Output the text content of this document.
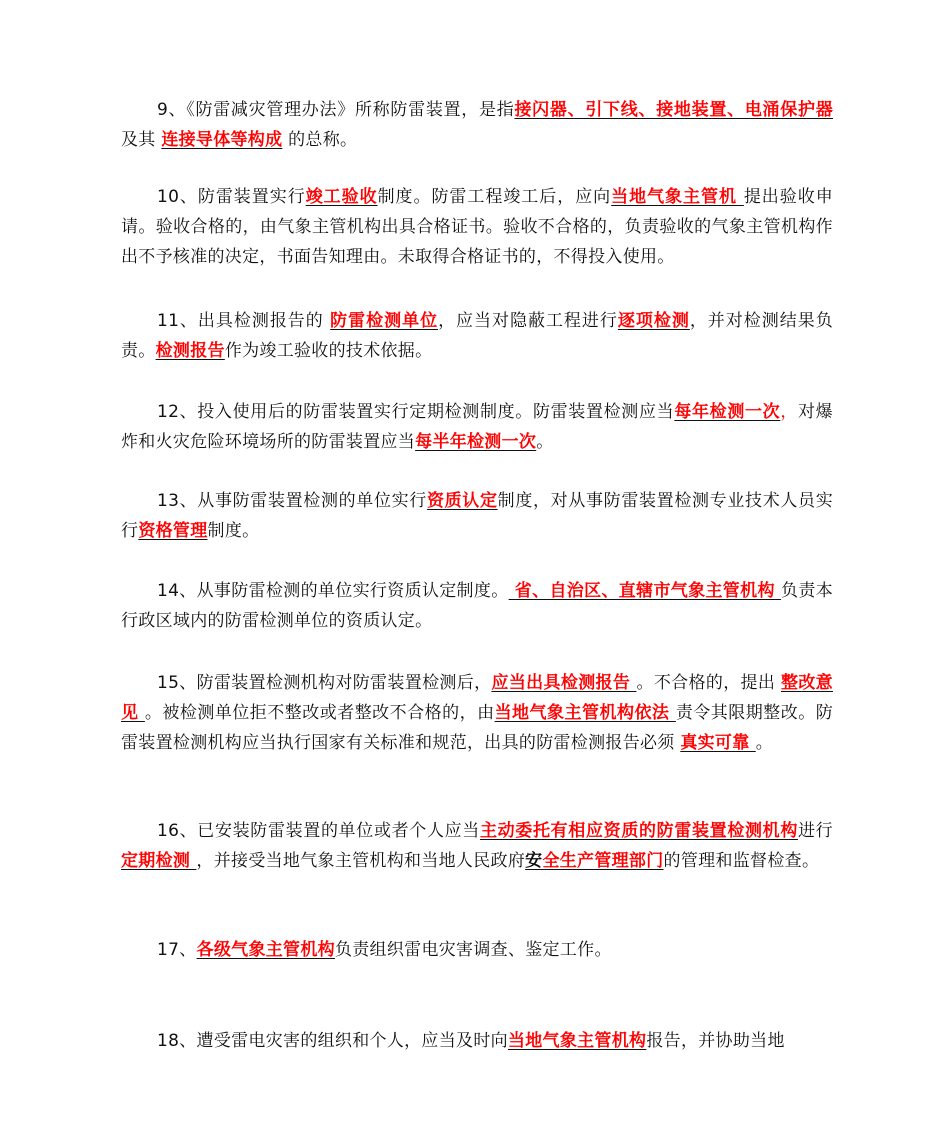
9、《防雷减灾管理办法》所称防雷装置，是指接闪器、引下线、接地装置、电涌保护器及其 连接导体等构成 的总称。

10、防雷装置实行竣工验收制度。防雷工程竣工后，应向当地气象主管机 提出验收申请。验收合格的，由气象主管机构出具合格证书。验收不合格的，负责验收的气象主管机构作出不予核准的决定，书面告知理由。未取得合格证书的，不得投入使用。

11、出具检测报告的 防雷检测单位，应当对隐蔽工程进行逐项检测，并对检测结果负责。检测报告作为竣工验收的技术依据。

12、投入使用后的防雷装置实行定期检测制度。防雷装置检测应当每年检测一次，对爆炸和火灾危险环境场所的防雷装置应当每半年检测一次。

13、从事防雷装置检测的单位实行资质认定制度，对从事防雷装置检测专业技术人员实行资格管理制度。

14、从事防雷检测的单位实行资质认定制度。 省、自治区、直辖市气象主管机构 负责本行政区域内的防雷检测单位的资质认定。

15、防雷装置检测机构对防雷装置检测后，应当出具检测报告 。不合格的，提出 整改意见 。被检测单位拒不整改或者整改不合格的，由当地气象主管机构依法 责令其限期整改。防雷装置检测机构应当执行国家有关标准和规范，出具的防雷检测报告必须 真实可靠 。

16、已安装防雷装置的单位或者个人应当主动委托有相应资质的防雷装置检测机构进行定期检测 ，并接受当地气象主管机构和当地人民政府安全生产管理部门的管理和监督检查。

17、各级气象主管机构负责组织雷电灾害调查、鉴定工作。

18、遭受雷电灾害的组织和个人，应当及时向当地气象主管机构报告，并协助当地
